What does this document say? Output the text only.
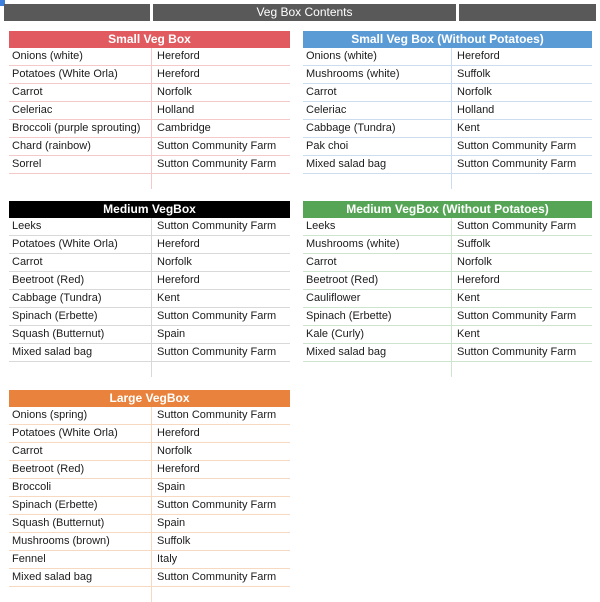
Veg Box Contents
Small Veg Box
Onions (white)	Hereford
Potatoes (White Orla)	Hereford
Carrot	Norfolk
Celeriac	Holland
Broccoli (purple sprouting)	Cambridge
Chard (rainbow)	Sutton Community Farm
Sorrel	Sutton Community Farm
Small Veg Box (Without Potatoes)
Onions (white)	Hereford
Mushrooms (white)	Suffolk
Carrot	Norfolk
Celeriac	Holland
Cabbage (Tundra)	Kent
Pak choi	Sutton Community Farm
Mixed salad bag	Sutton Community Farm
Medium VegBox
Leeks	Sutton Community Farm
Potatoes (White Orla)	Hereford
Carrot	Norfolk
Beetroot (Red)	Hereford
Cabbage (Tundra)	Kent
Spinach (Erbette)	Sutton Community Farm
Squash (Butternut)	Spain
Mixed salad bag	Sutton Community Farm
Medium VegBox (Without Potatoes)
Leeks	Sutton Community Farm
Mushrooms (white)	Suffolk
Carrot	Norfolk
Beetroot (Red)	Hereford
Cauliflower	Kent
Spinach (Erbette)	Sutton Community Farm
Kale (Curly)	Kent
Mixed salad bag	Sutton Community Farm
Large VegBox
Onions (spring)	Sutton Community Farm
Potatoes (White Orla)	Hereford
Carrot	Norfolk
Beetroot (Red)	Hereford
Broccoli	Spain
Spinach (Erbette)	Sutton Community Farm
Squash (Butternut)	Spain
Mushrooms (brown)	Suffolk
Fennel	Italy
Mixed salad bag	Sutton Community Farm
